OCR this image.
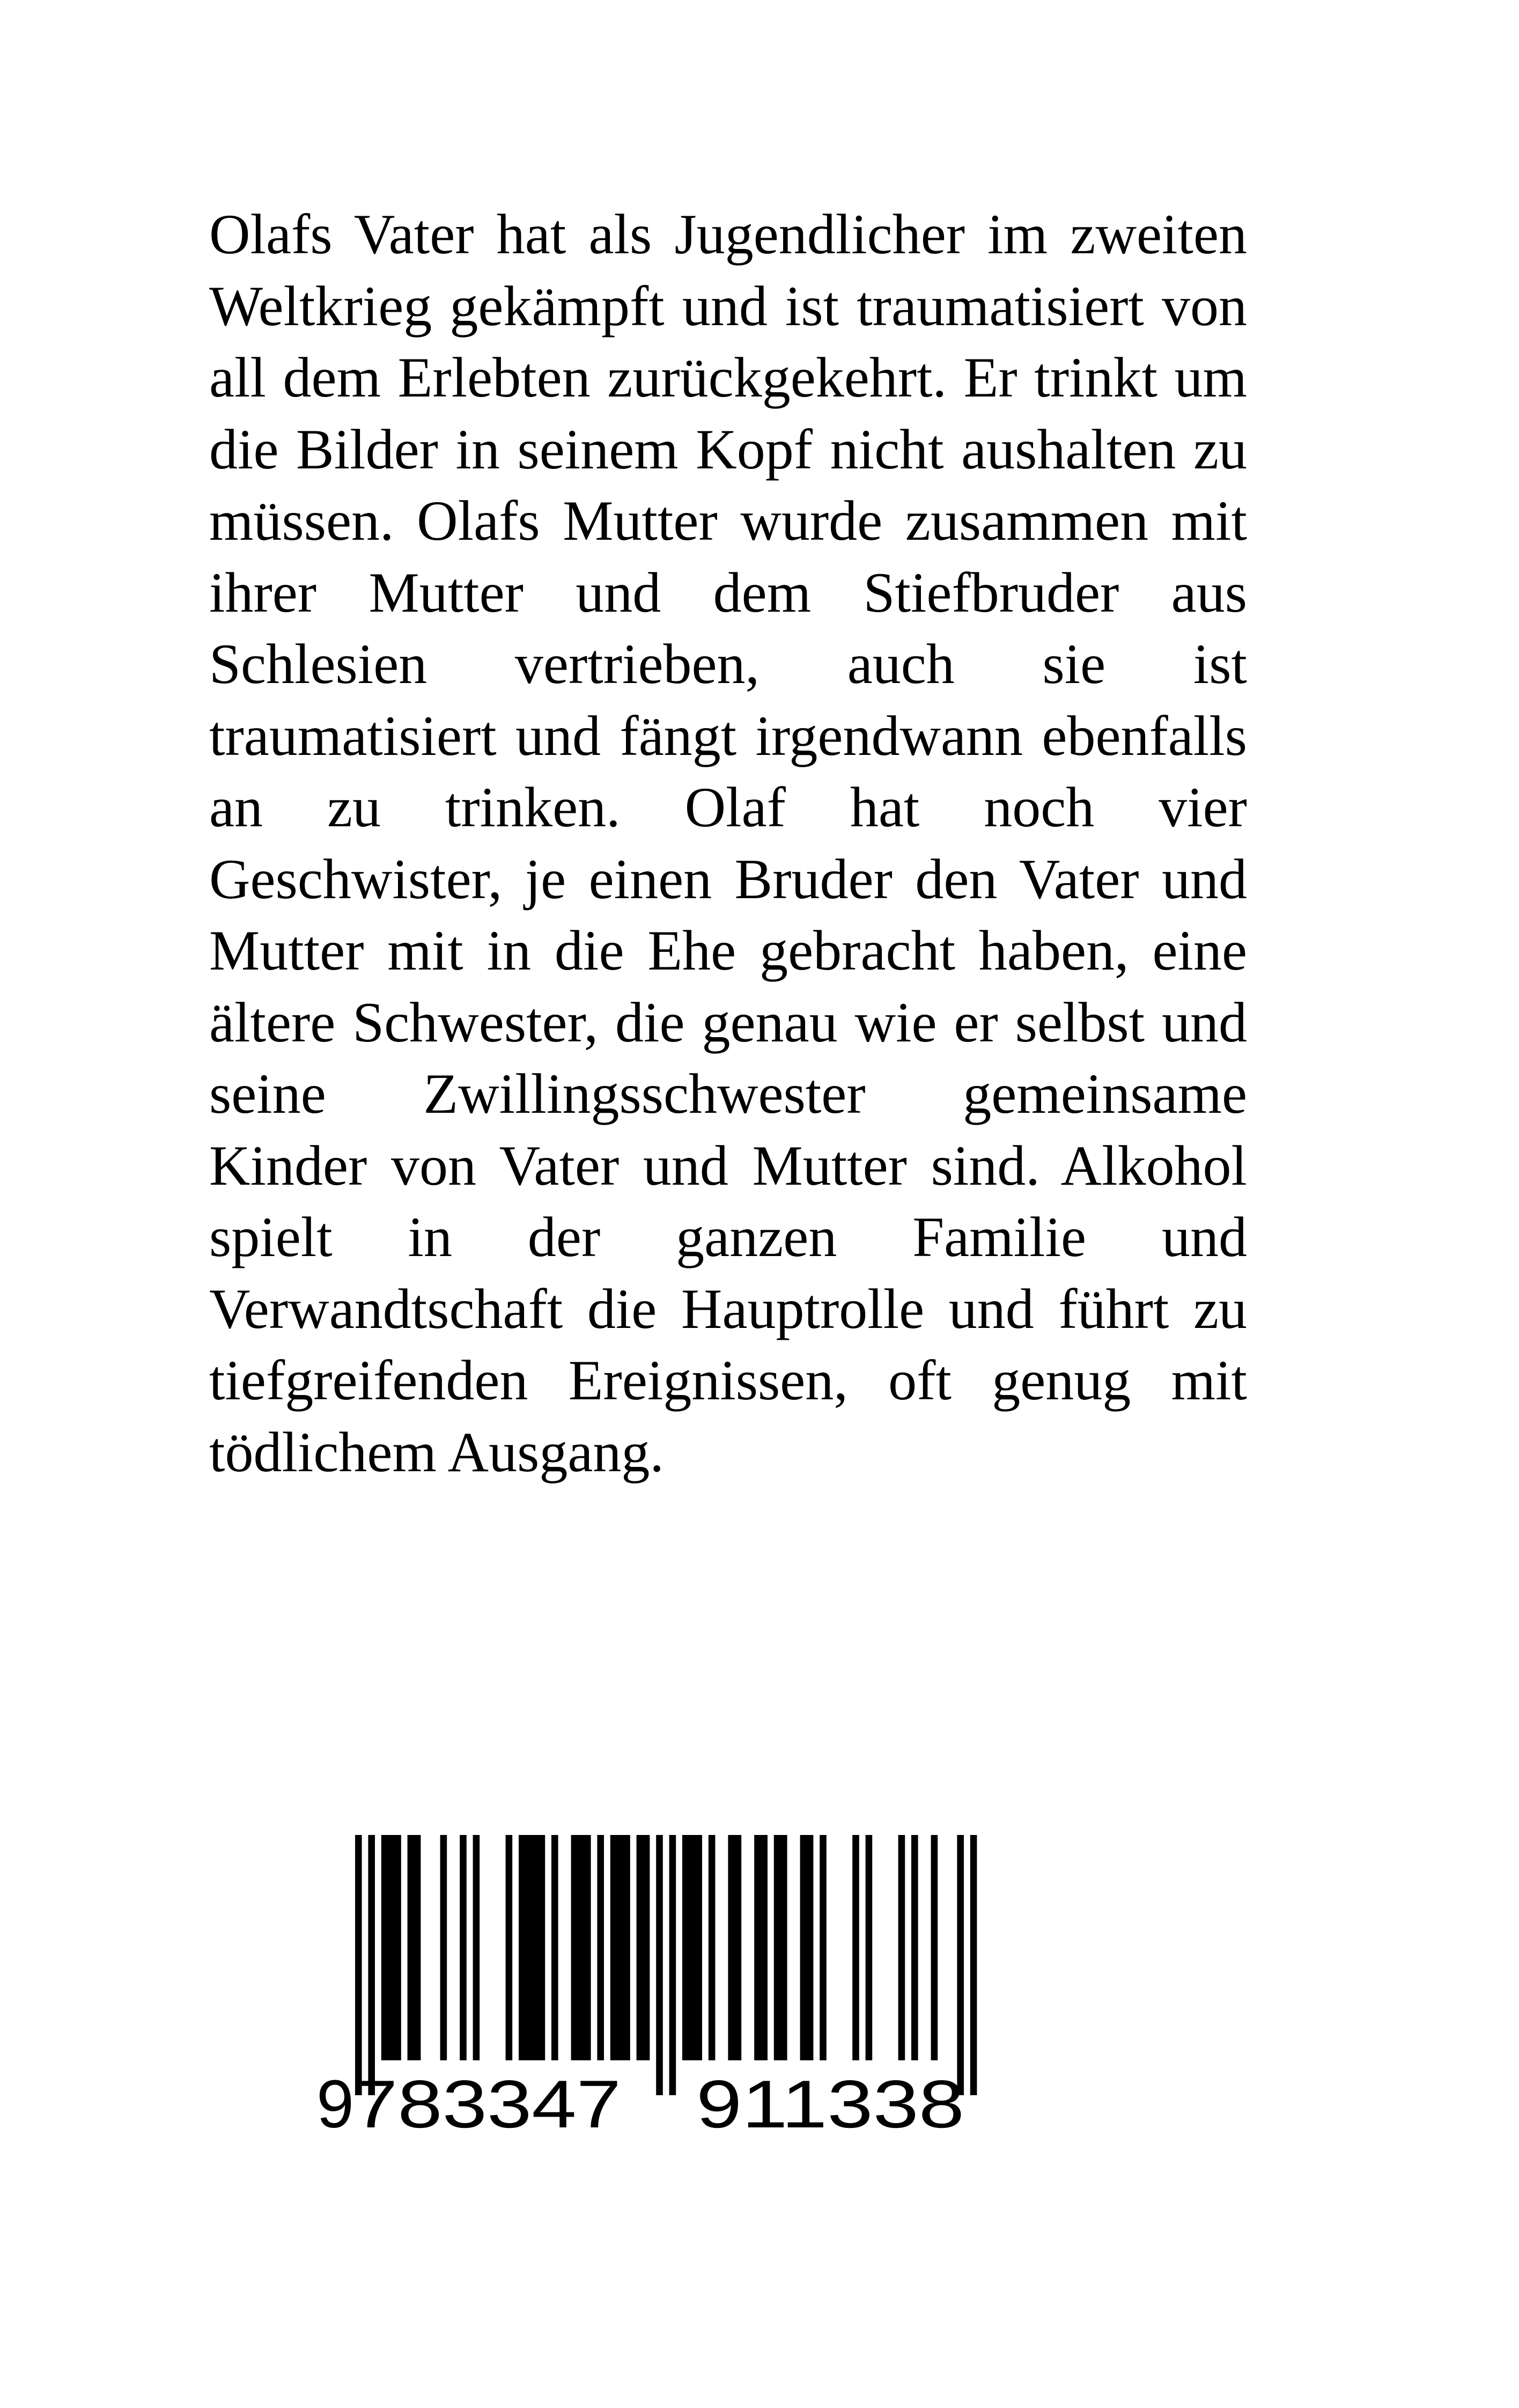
Olafs Vater hat als Jugendlicher im zweiten Weltkrieg gekämpft und ist traumatisiert von all dem Erlebten zurückgekehrt. Er trinkt um die Bilder in seinem Kopf nicht aushalten zu müssen. Olafs Mutter wurde zusammen mit ihrer Mutter und dem Stiefbruder aus Schlesien vertrieben, auch sie ist traumatisiert und fängt irgendwann ebenfalls an zu trinken. Olaf hat noch vier Geschwister, je einen Bruder den Vater und Mutter mit in die Ehe gebracht haben, eine ältere Schwester, die genau wie er selbst und seine Zwillingsschwester gemeinsame Kinder von Vater und Mutter sind. Alkohol spielt in der ganzen Familie und Verwandtschaft die Hauptrolle und führt zu tiefgreifenden Ereignissen, oft genug mit tödlichem Ausgang.

9
783347 911338
